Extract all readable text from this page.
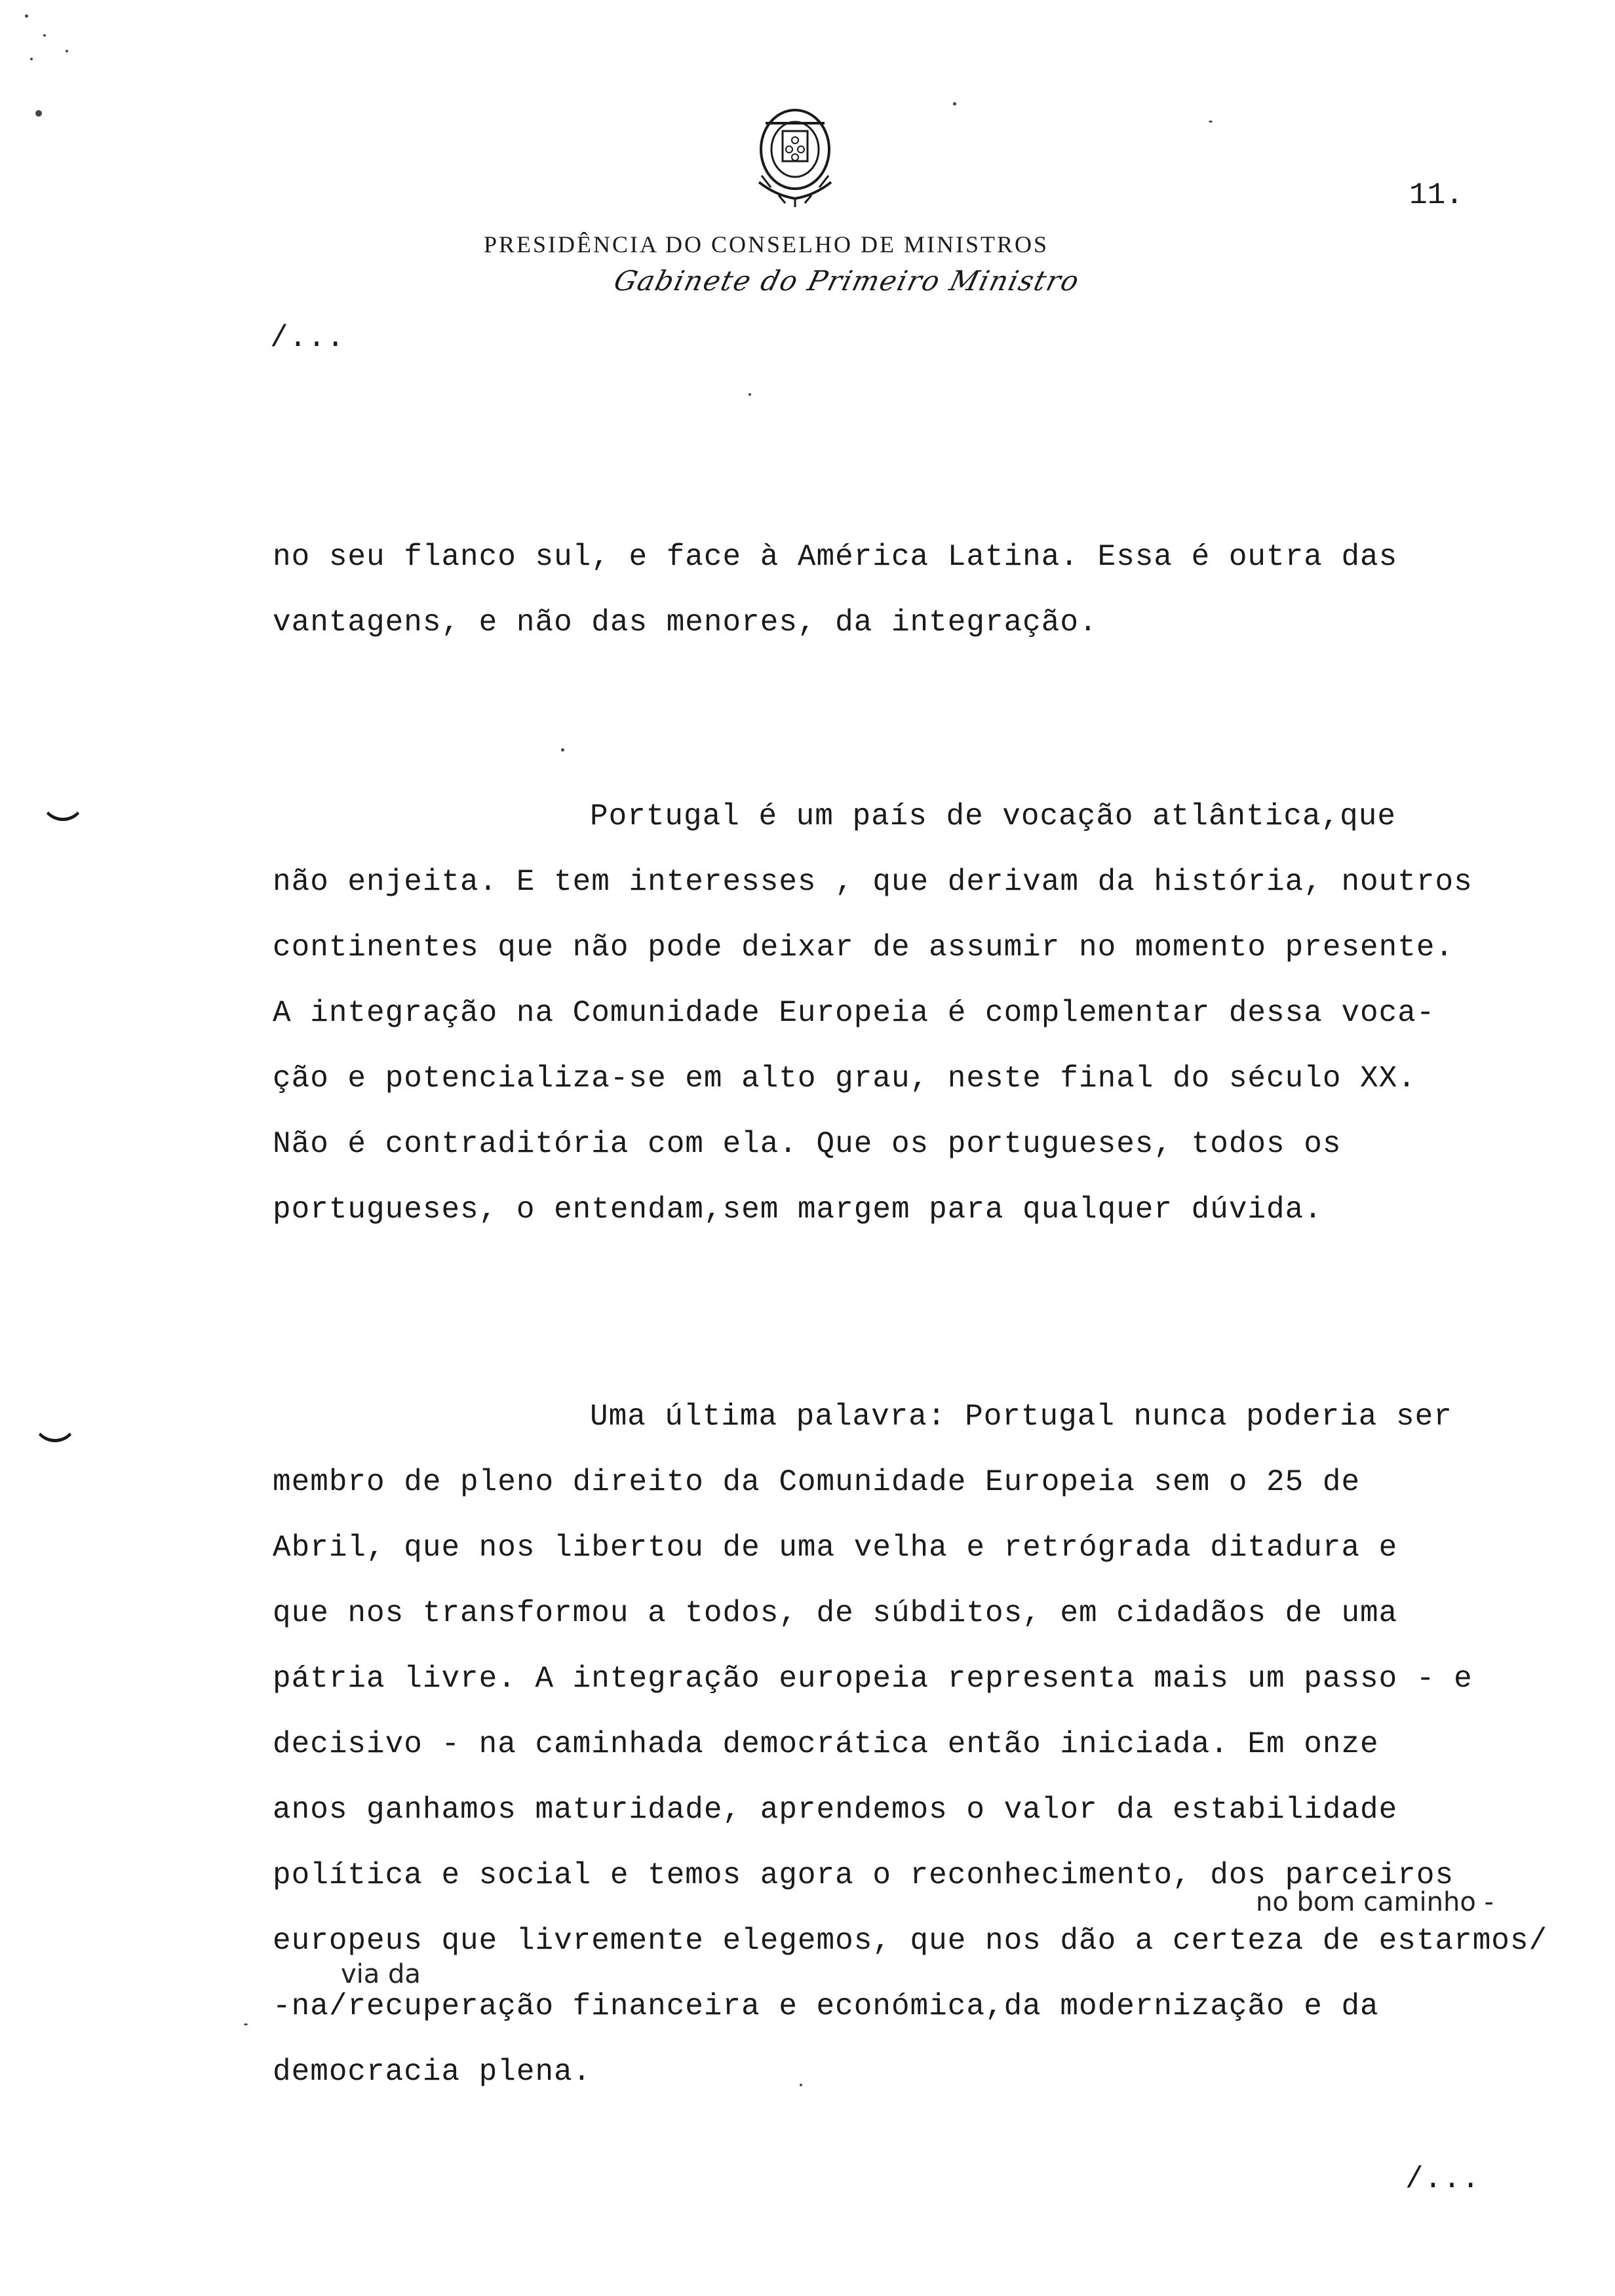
PRESIDÊNCIA DO CONSELHO DE MINISTROS
Gabinete do Primeiro Ministro
11.
/...
no seu flanco sul, e face à América Latina. Essa é outra das
vantagens, e não das menores, da integração.
Portugal é um país de vocação atlântica,que
não enjeita. E tem interesses , que derivam da história, noutros
continentes que não pode deixar de assumir no momento presente.
A integração na Comunidade Europeia é complementar dessa voca-
ção e potencializa-se em alto grau, neste final do século XX.
Não é contraditória com ela. Que os portugueses, todos os
portugueses, o entendam,sem margem para qualquer dúvida.
Uma última palavra: Portugal nunca poderia ser
membro de pleno direito da Comunidade Europeia sem o 25 de
Abril, que nos libertou de uma velha e retrógrada ditadura e
que nos transformou a todos, de súbditos, em cidadãos de uma
pátria livre. A integração europeia representa mais um passo - e
decisivo - na caminhada democrática então iniciada. Em onze
anos ganhamos maturidade, aprendemos o valor da estabilidade
política e social e temos agora o reconhecimento, dos parceiros
europeus que livremente elegemos, que nos dão a certeza de estarmos/
-na/recuperação financeira e económica,da modernização e da
democracia plena.
no bom caminho -
via da
/...
